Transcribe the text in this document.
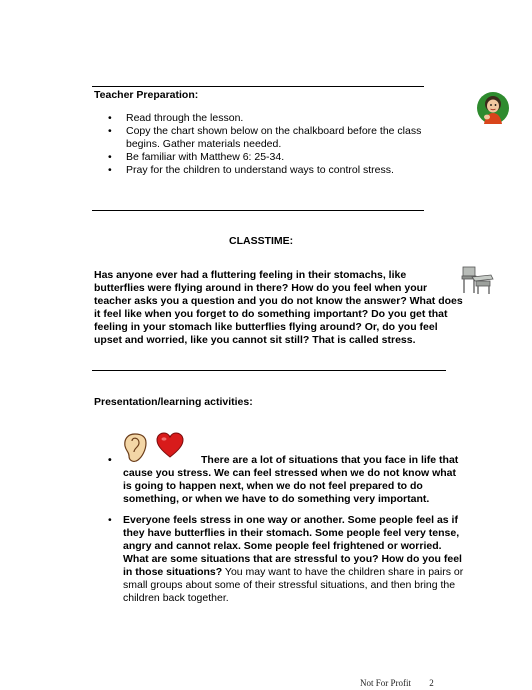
Teacher Preparation:
• Read through the lesson.
• Copy the chart shown below on the chalkboard before the class
begins. Gather materials needed.
• Be familiar with Matthew 6: 25-34.
• Pray for the children to understand ways to control stress.
CLASSTIME:
Has anyone ever had a fluttering feeling in their stomachs, like
butterflies were flying around in there? How do you feel when your
teacher asks you a question and you do not know the answer? What does
it feel like when you forget to do something important? Do you get that
feeling in your stomach like butterflies flying around? Or, do you feel
upset and worried, like you cannot sit still? That is called stress.
Presentation/learning activities:
•	There are a lot of situations that you face in life that
cause you stress. We can feel stressed when we do not know what
is going to happen next, when we do not feel prepared to do
something, or when we have to do something very important.
• Everyone feels stress in one way or another. Some people feel as if
they have butterflies in their stomach. Some people feel very tense,
angry and cannot relax. Some people feel frightened or worried.
What are some situations that are stressful to you? How do you feel
in those situations? You may want to have the children share in pairs or
small groups about some of their stressful situations, and then bring the
children back together.
Not For Profit 2
